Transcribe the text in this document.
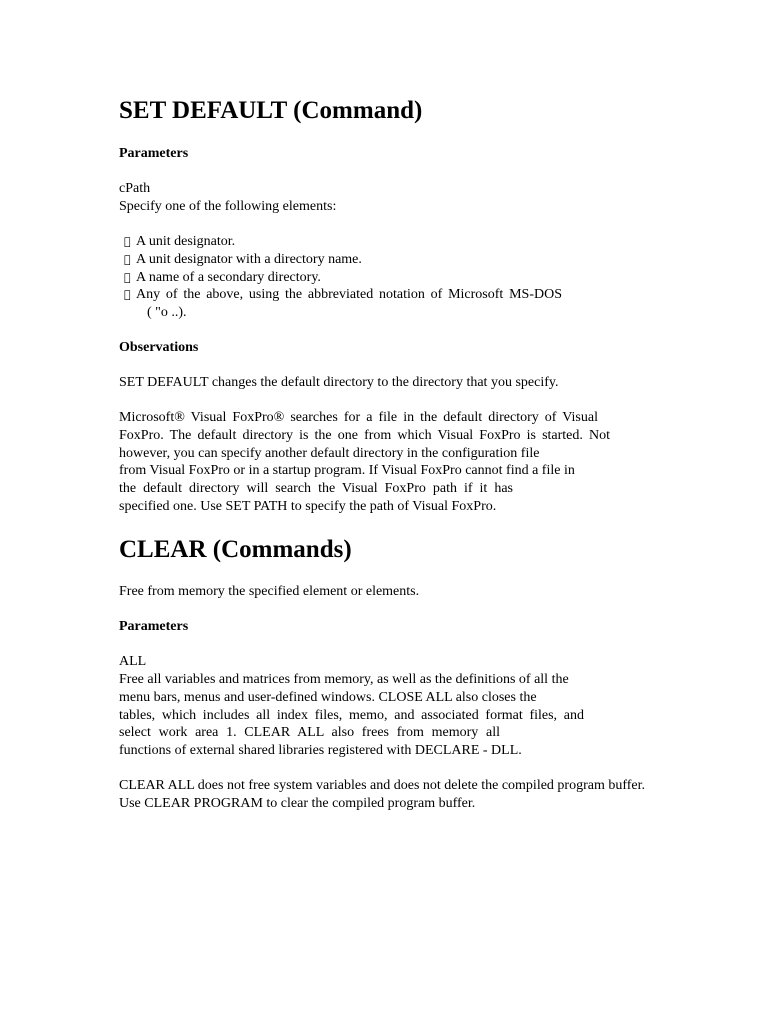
SET DEFAULT (Command)
Parameters
cPath
Specify one of the following elements:
A unit designator.
A unit designator with a directory name.
A name of a secondary directory.
Any of the above, using the abbreviated notation of Microsoft MS-DOS
( "o ..).
Observations
SET DEFAULT changes the default directory to the directory that you specify.
Microsoft® Visual FoxPro® searches for a file in the default directory of Visual
FoxPro. The default directory is the one from which Visual FoxPro is started. Not
however, you can specify another default directory in the configuration file
from Visual FoxPro or in a startup program. If Visual FoxPro cannot find a file in
the default directory will search the Visual FoxPro path if it has
specified one. Use SET PATH to specify the path of Visual FoxPro.
CLEAR (Commands)
Free from memory the specified element or elements.
Parameters
ALL
Free all variables and matrices from memory, as well as the definitions of all the
menu bars, menus and user-defined windows. CLOSE ALL also closes the
tables, which includes all index files, memo, and associated format files, and
select work area 1. CLEAR ALL also frees from memory all
functions of external shared libraries registered with DECLARE - DLL.
CLEAR ALL does not free system variables and does not delete the compiled program buffer.
Use CLEAR PROGRAM to clear the compiled program buffer.
